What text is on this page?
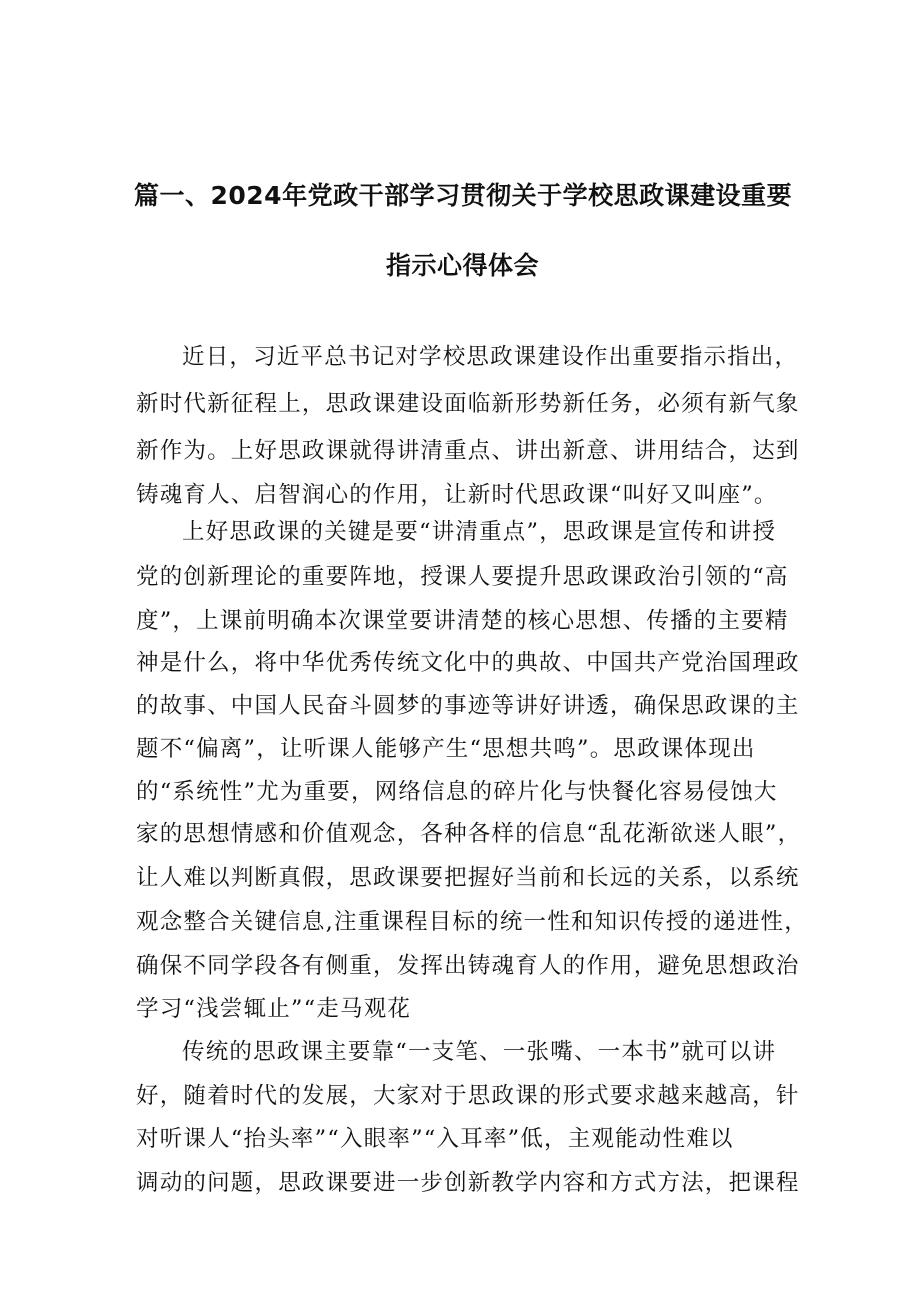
篇一、2024年党政干部学习贯彻关于学校思政课建设重要
指示心得体会
近日，习近平总书记对学校思政课建设作出重要指示指出，
新时代新征程上，思政课建设面临新形势新任务，必须有新气象
新作为。上好思政课就得讲清重点、讲出新意、讲用结合，达到
铸魂育人、启智润心的作用，让新时代思政课“叫好又叫座”。
上好思政课的关键是要“讲清重点”，思政课是宣传和讲授
党的创新理论的重要阵地，授课人要提升思政课政治引领的“高
度”，上课前明确本次课堂要讲清楚的核心思想、传播的主要精
神是什么，将中华优秀传统文化中的典故、中国共产党治国理政
的故事、中国人民奋斗圆梦的事迹等讲好讲透，确保思政课的主
题不“偏离”，让听课人能够产生“思想共鸣”。思政课体现出
的“系统性”尤为重要，网络信息的碎片化与快餐化容易侵蚀大
家的思想情感和价值观念，各种各样的信息“乱花渐欲迷人眼”，
让人难以判断真假，思政课要把握好当前和长远的关系，以系统
观念整合关键信息,注重课程目标的统一性和知识传授的递进性，
确保不同学段各有侧重，发挥出铸魂育人的作用，避免思想政治
学习“浅尝辄止”“走马观花
传统的思政课主要靠“一支笔、一张嘴、一本书”就可以讲
好，随着时代的发展，大家对于思政课的形式要求越来越高，针
对听课人“抬头率”“入眼率”“入耳率”低，主观能动性难以
调动的问题，思政课要进一步创新教学内容和方式方法，把课程
